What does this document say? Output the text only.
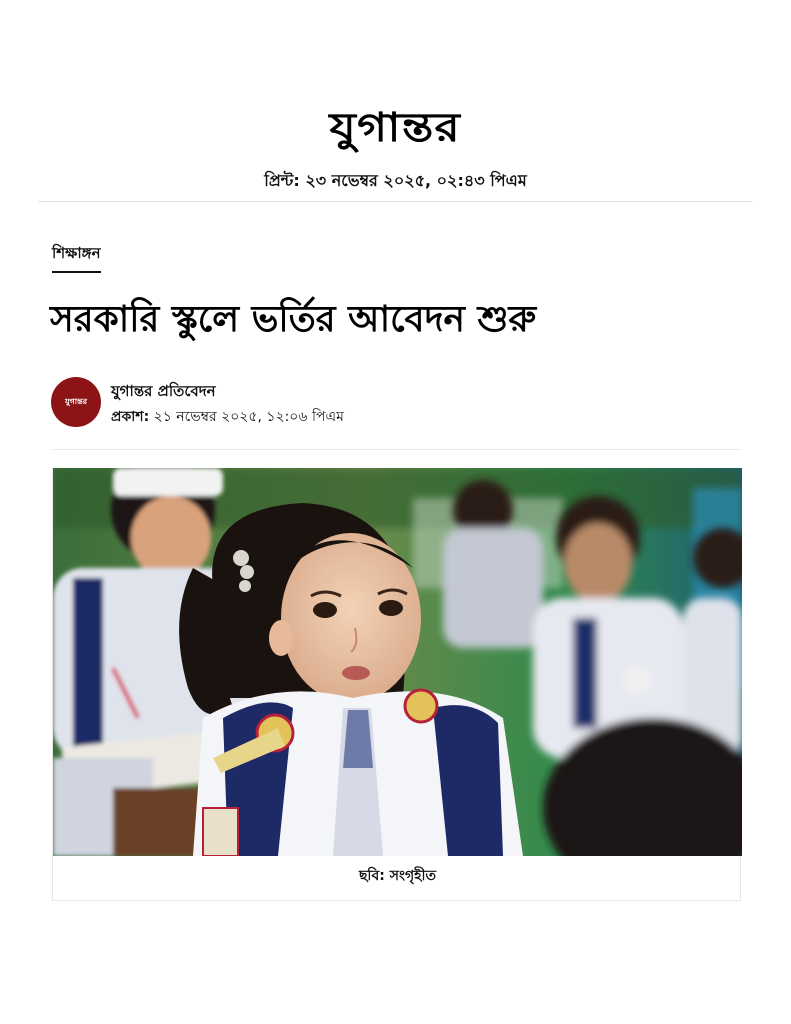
যুগান্তর
প্রিন্ট: ২৩ নভেম্বর ২০২৫, ০২:৪৩ পিএম
শিক্ষাঙ্গন
সরকারি স্কুলে ভর্তির আবেদন শুরু
যুগান্তর
যুগান্তর প্রতিবেদন
প্রকাশ: ২১ নভেম্বর ২০২৫, ১২:০৬ পিএম
ছবি: সংগৃহীত
